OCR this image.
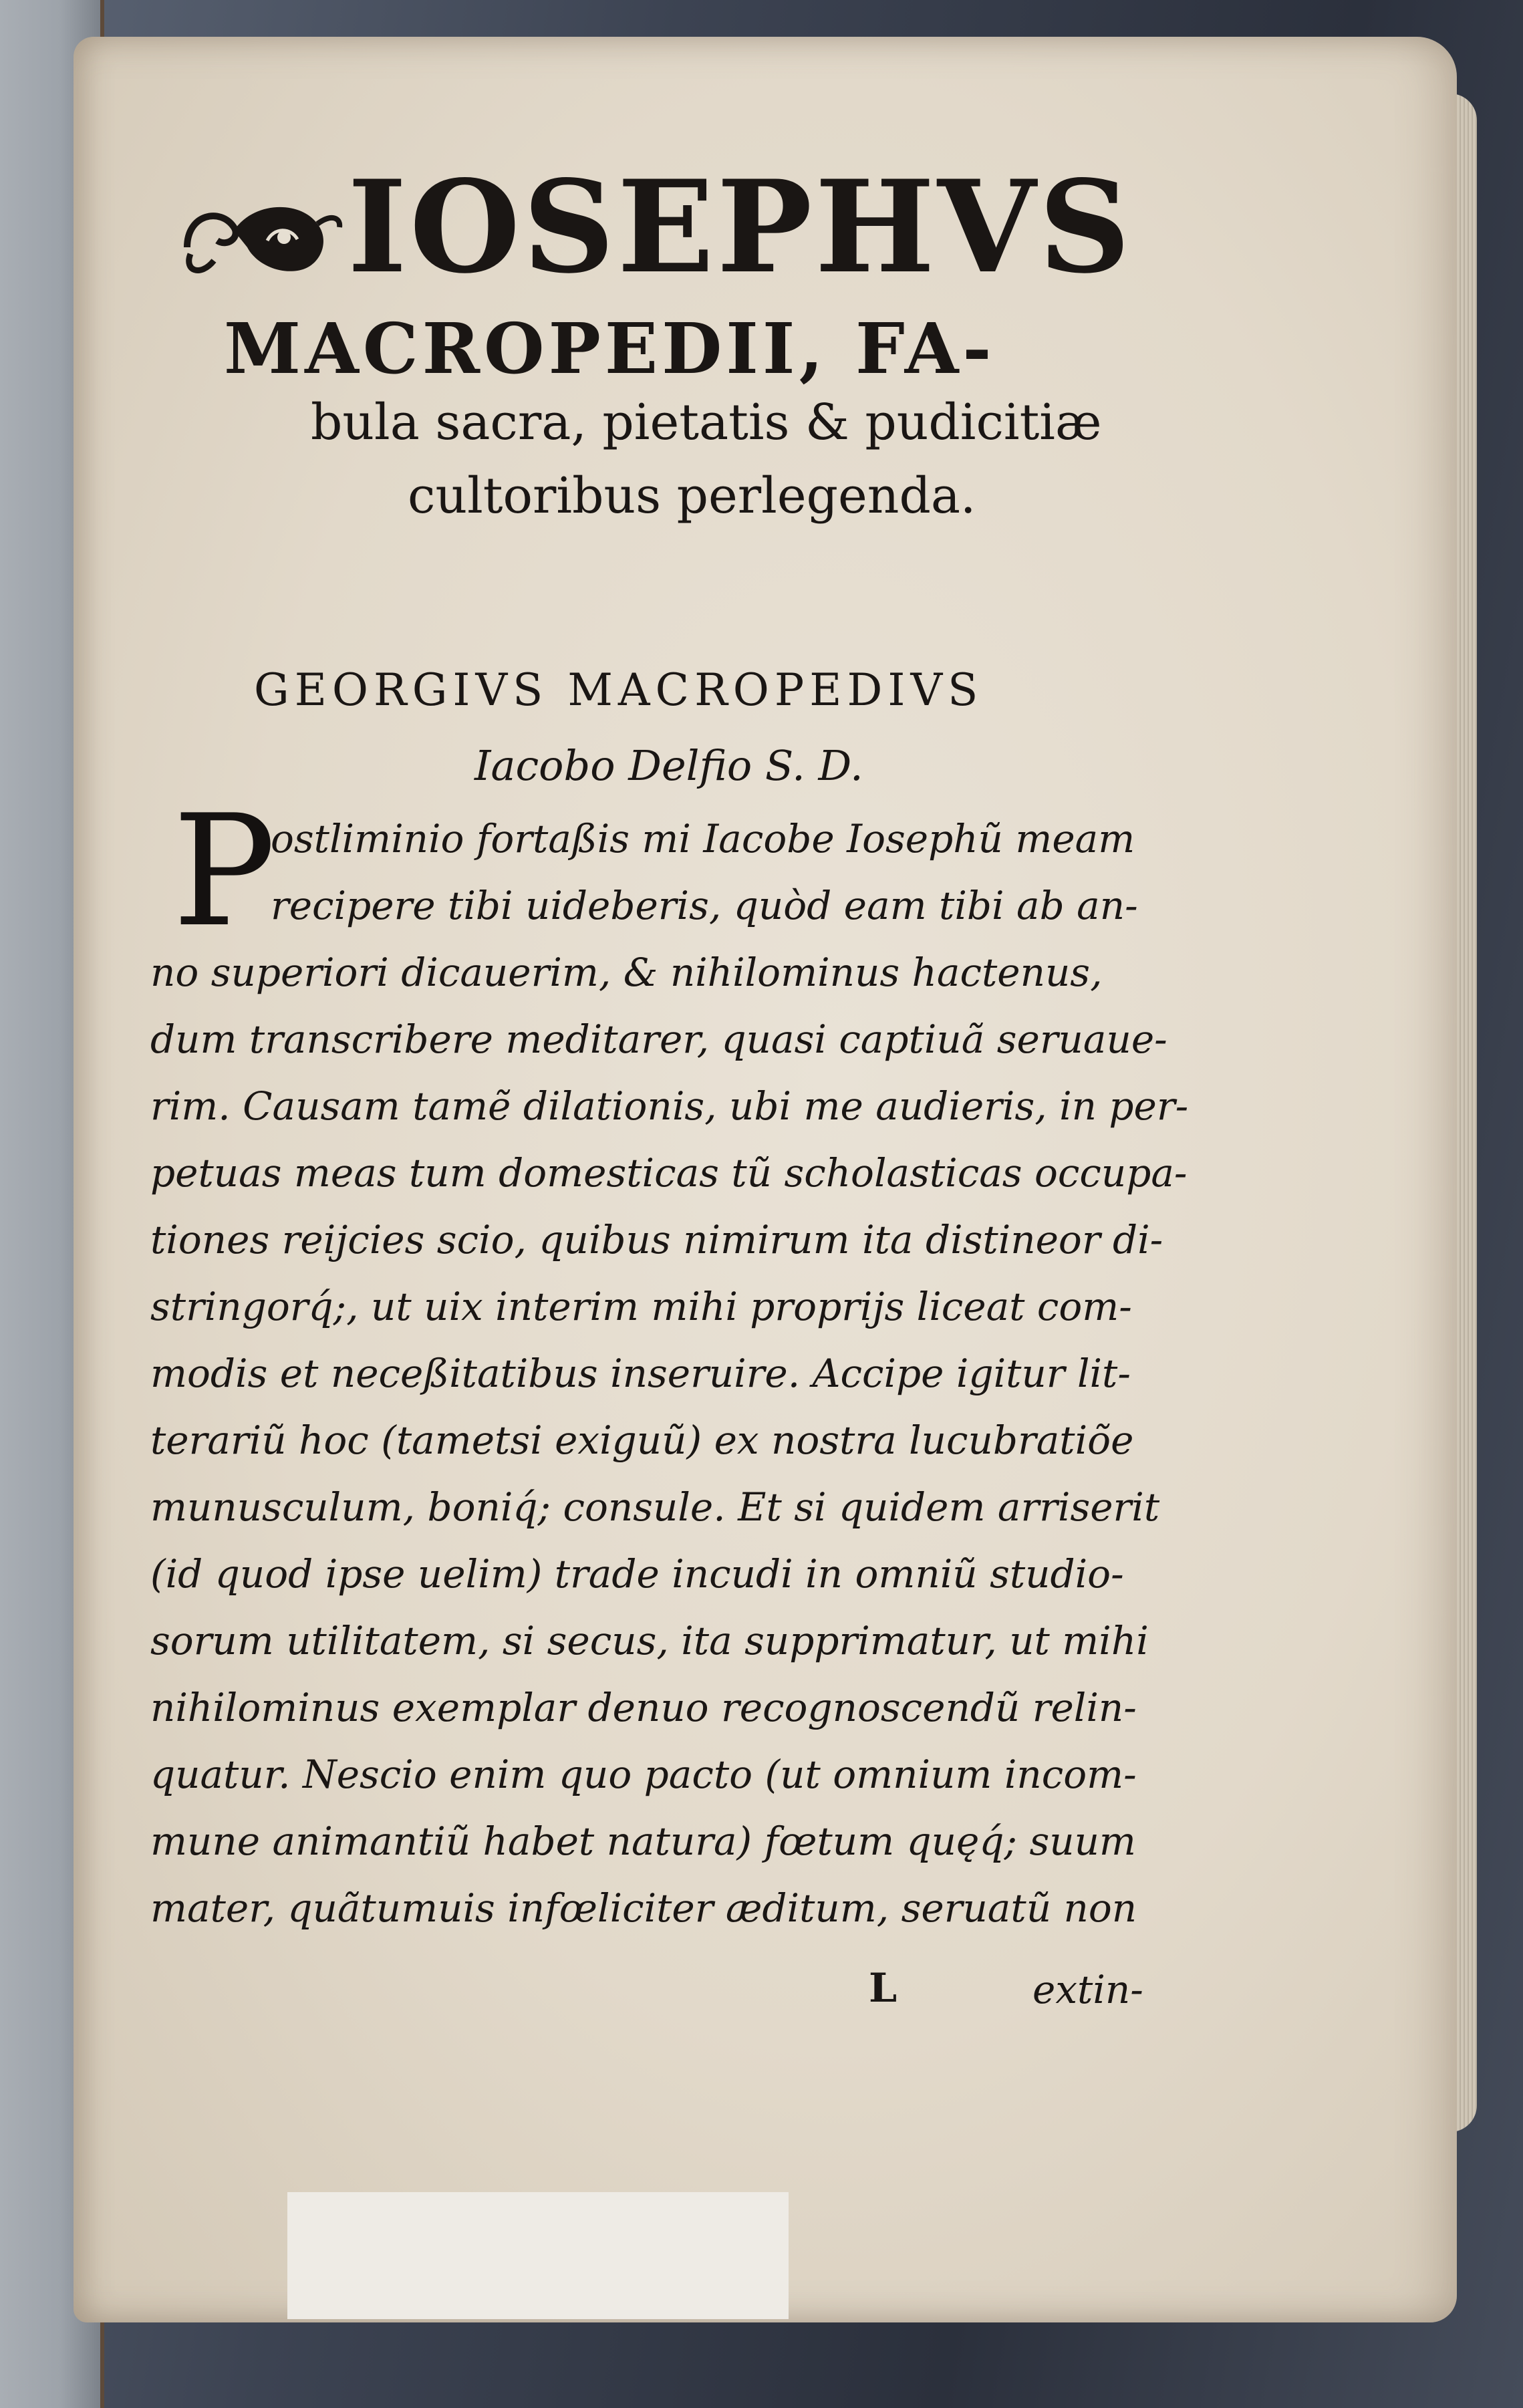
IOSEPHVS
MACROPEDII, FA-
bula sacra, pietatis & pudicitiæ
cultoribus perlegenda.
GEORGIVS MACROPEDIVS
Iacobo Delfio S. D.
P
ostliminio fortaßis mi Iacobe Iosephũ meam
recipere tibi uideberis, quòd eam tibi ab an-
no superiori dicauerim, & nihilominus hactenus,
dum transcribere meditarer, quasi captiuã seruaue-
rim. Causam tamẽ dilationis, ubi me audieris, in per-
petuas meas tum domesticas tũ scholasticas occupa-
tiones reijcies scio, quibus nimirum ita distineor di-
stringorq́;, ut uix interim mihi proprijs liceat com-
modis et neceßitatibus inseruire. Accipe igitur lit-
terariũ hoc (tametsi exiguũ) ex nostra lucubratiõe
munusculum, boniq́; consule. Et si quidem arriserit
(id quod ipse uelim) trade incudi in omniũ studio-
sorum utilitatem, si secus, ita supprimatur, ut mihi
nihilominus exemplar denuo recognoscendũ relin-
quatur. Nescio enim quo pacto (ut omnium incom-
mune animantiũ habet natura) fœtum quęq́; suum
mater, quãtumuis infœliciter æditum, seruatũ non
L	extin-
